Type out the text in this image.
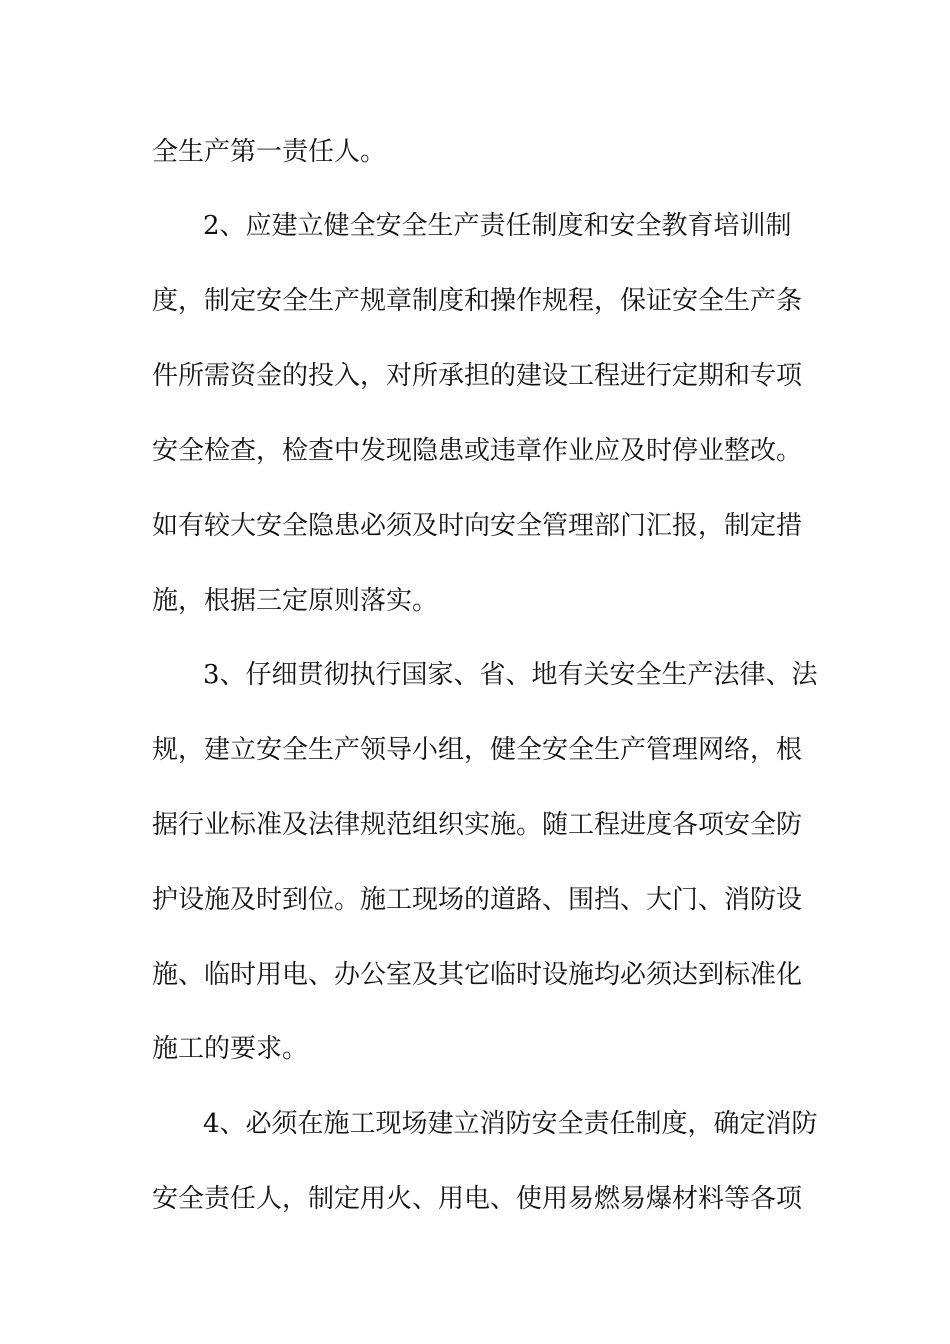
全生产第一责任人。
2、应建立健全安全生产责任制度和安全教育培训制
度，制定安全生产规章制度和操作规程，保证安全生产条
件所需资金的投入，对所承担的建设工程进行定期和专项
安全检查，检查中发现隐患或违章作业应及时停业整改。
如有较大安全隐患必须及时向安全管理部门汇报，制定措
施，根据三定原则落实。
3、仔细贯彻执行国家、省、地有关安全生产法律、法
规，建立安全生产领导小组，健全安全生产管理网络，根
据行业标准及法律规范组织实施。随工程进度各项安全防
护设施及时到位。施工现场的道路、围挡、大门、消防设
施、临时用电、办公室及其它临时设施均必须达到标准化
施工的要求。
4、必须在施工现场建立消防安全责任制度，确定消防
安全责任人，制定用火、用电、使用易燃易爆材料等各项
